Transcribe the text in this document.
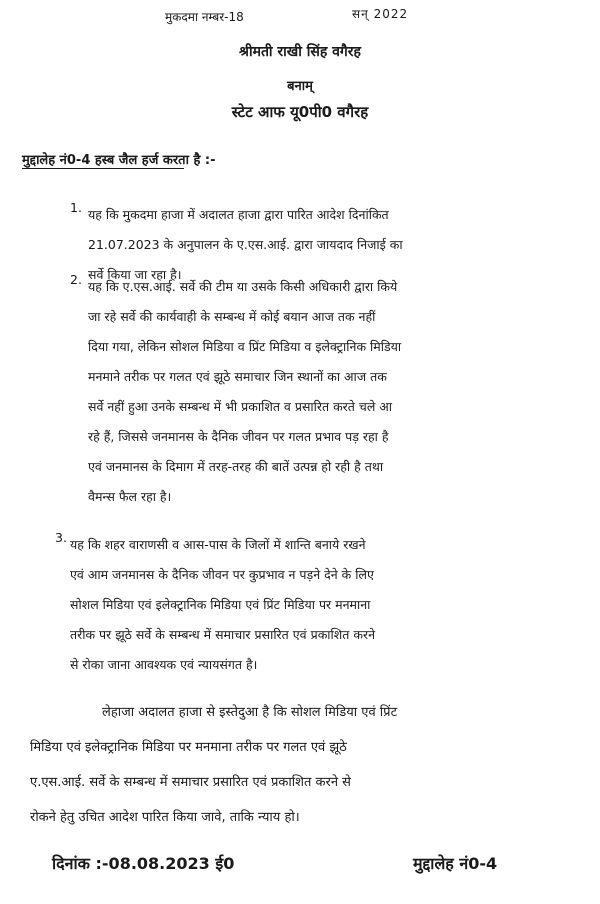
मुकदमा नम्बर-18	सन् 2022
श्रीमती राखी सिंह वगैरह
बनाम्
स्टेट आफ यू0पी0 वगैरह
मुद्दालेह नं0-4 हस्ब जैल हर्ज करता है :-
1. यह कि मुकदमा हाजा में अदालत हाजा द्वारा पारित आदेश दिनांकित
21.07.2023 के अनुपालन के ए.एस.आई. द्वारा जायदाद निजाई का
सर्वे किया जा रहा है।
2. यह कि ए.एस.आई. सर्वे की टीम या उसके किसी अधिकारी द्वारा किये
जा रहे सर्वे की कार्यवाही के सम्बन्ध में कोई बयान आज तक नहीं
दिया गया, लेकिन सोशल मिडिया व प्रिंट मिडिया व इलेक्ट्रानिक मिडिया
मनमाने तरीक पर गलत एवं झूठे समाचार जिन स्थानों का आज तक
सर्वे नहीं हुआ उनके सम्बन्ध में भी प्रकाशित व प्रसारित करते चले आ
रहे हैं, जिससे जनमानस के दैनिक जीवन पर गलत प्रभाव पड़ रहा है
एवं जनमानस के दिमाग में तरह-तरह की बातें उत्पन्न हो रही है तथा
वैमन्स फैल रहा है।
3. यह कि शहर वाराणसी व आस-पास के जिलों में शान्ति बनाये रखने
एवं आम जनमानस के दैनिक जीवन पर कुप्रभाव न पड़ने देने के लिए
सोशल मिडिया एवं इलेक्ट्रानिक मिडिया एवं प्रिंट मिडिया पर मनमाना
तरीक पर झूठे सर्वे के सम्बन्ध में समाचार प्रसारित एवं प्रकाशित करने
से रोका जाना आवश्यक एवं न्यायसंगत है।
लेहाजा अदालत हाजा से इस्तेदुआ है कि सोशल मिडिया एवं प्रिंट
मिडिया एवं इलेक्ट्रानिक मिडिया पर मनमाना तरीक पर गलत एवं झूठे
ए.एस.आई. सर्वे के सम्बन्ध में समाचार प्रसारित एवं प्रकाशित करने से
रोकने हेतु उचित आदेश पारित किया जावे, ताकि न्याय हो।
दिनांक :-08.08.2023 ई0	मुद्दालेह नं0-4
